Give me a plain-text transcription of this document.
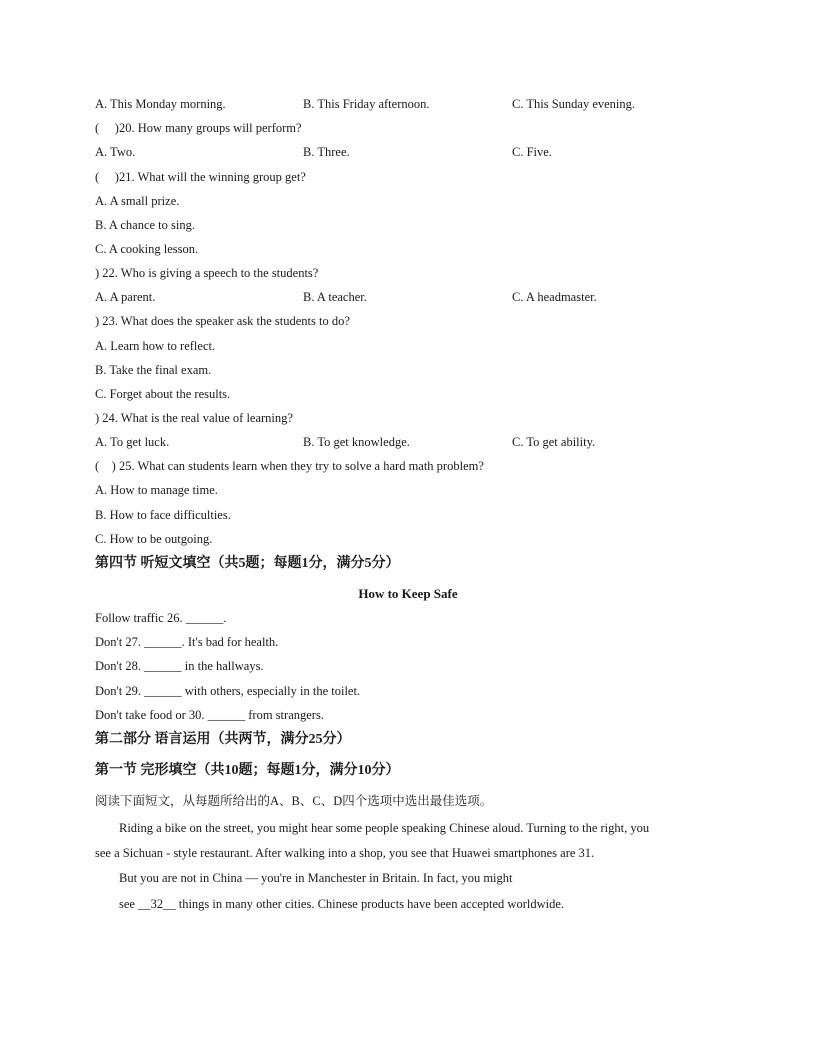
A. This Monday morning.	B. This Friday afternoon.	C. This Sunday evening.
(     )20. How many groups will perform?
A. Two.	B. Three.	C. Five.
(     )21. What will the winning group get?
A. A small prize.
B. A chance to sing.
C. A cooking lesson.
) 22. Who is giving a speech to the students?
A. A parent.	B. A teacher.	C. A headmaster.
) 23. What does the speaker ask the students to do?
A. Learn how to reflect.
B. Take the final exam.
C. Forget about the results.
) 24. What is the real value of learning?
A. To get luck.	B. To get knowledge.	C. To get ability.
(    ) 25. What can students learn when they try to solve a hard math problem?
A. How to manage time.
B. How to face difficulties.
C. How to be outgoing.
第四节 听短文填空（共5题；每题1分，满分5分）
How to Keep Safe
Follow traffic 26. ______.
Don't 27. ______. It's bad for health.
Don't 28. ______ in the hallways.
Don't 29. ______ with others, especially in the toilet.
Don't take food or 30. ______ from strangers.
第二部分 语言运用（共两节，满分25分）
第一节 完形填空（共10题；每题1分，满分10分）
阅读下面短文，从每题所给出的A、B、C、D四个选项中选出最佳选项。
Riding a bike on the street, you might hear some people speaking Chinese aloud. Turning to the right, you
see a Sichuan - style restaurant. After walking into a shop, you see that Huawei smartphones are 31.
But you are not in China — you're in Manchester in Britain. In fact, you might
see __32__ things in many other cities. Chinese products have been accepted worldwide.
